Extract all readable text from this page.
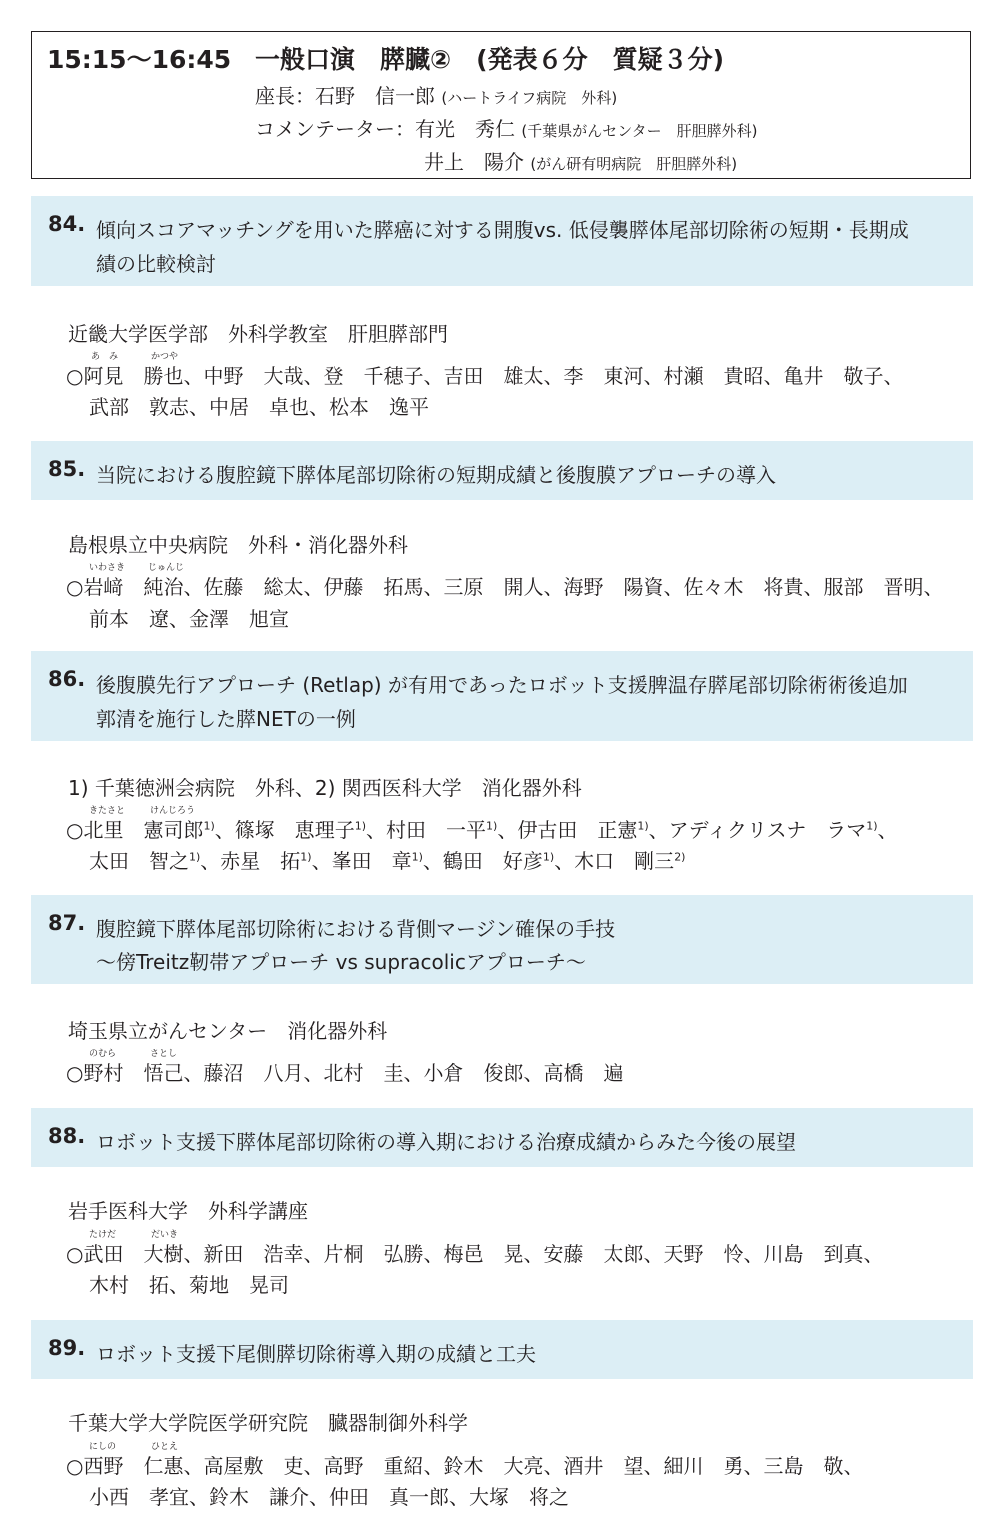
15:15～16:45 一般口演　膵臓②　(発表６分　質疑３分)
座長：石野　信一郎 (ハートライフ病院　外科)
コメンテーター：有光　秀仁 (千葉県がんセンター　肝胆膵外科)
井上　陽介 (がん研有明病院　肝胆膵外科)
84. 傾向スコアマッチングを用いた膵癌に対する開腹vs. 低侵襲膵体尾部切除術の短期・長期成
績の比較検討
近畿大学医学部　外科学教室　肝胆膵部門
あ　み	かつや
○阿見　勝也、中野　大哉、登　千穂子、吉田　雄太、李　東河、村瀬　貴昭、亀井　敬子、
武部　敦志、中居　卓也、松本　逸平
85. 当院における腹腔鏡下膵体尾部切除術の短期成績と後腹膜アプローチの導入
島根県立中央病院　外科・消化器外科
いわさき	じゅんじ
○岩﨑　純治、佐藤　総太、伊藤　拓馬、三原　開人、海野　陽資、佐々木　将貴、服部　晋明、
前本　遼、金澤　旭宣
86. 後腹膜先行アプローチ (Retlap) が有用であったロボット支援脾温存膵尾部切除術術後追加
郭清を施行した膵NETの一例
1) 千葉徳洲会病院　外科、2) 関西医科大学　消化器外科
きたさと	けんじろう
○北里　憲司郎$^{1)}$、篠塚　恵理子$^{1)}$、村田　一平$^{1)}$、伊古田　正憲$^{1)}$、アディクリスナ　ラマ$^{1)}$、
太田　智之$^{1)}$、赤星　拓$^{1)}$、峯田　章$^{1)}$、鶴田　好彦$^{1)}$、木口　剛三$^{2)}$
87. 腹腔鏡下膵体尾部切除術における背側マージン確保の手技
～傍Treitz靭帯アプローチ vs supracolicアプローチ～
埼玉県立がんセンター　消化器外科
のむら	さとし
○野村　悟己、藤沼　八月、北村　圭、小倉　俊郎、高橋　遍
88. ロボット支援下膵体尾部切除術の導入期における治療成績からみた今後の展望
岩手医科大学　外科学講座
たけだ	だいき
○武田　大樹、新田　浩幸、片桐　弘勝、梅邑　晃、安藤　太郎、天野　怜、川島　到真、
木村　拓、菊地　晃司
89. ロボット支援下尾側膵切除術導入期の成績と工夫
千葉大学大学院医学研究院　臓器制御外科学
にしの	ひとえ
○西野　仁惠、高屋敷　吏、高野　重紹、鈴木　大亮、酒井　望、細川　勇、三島　敬、
小西　孝宜、鈴木　謙介、仲田　真一郎、大塚　将之
